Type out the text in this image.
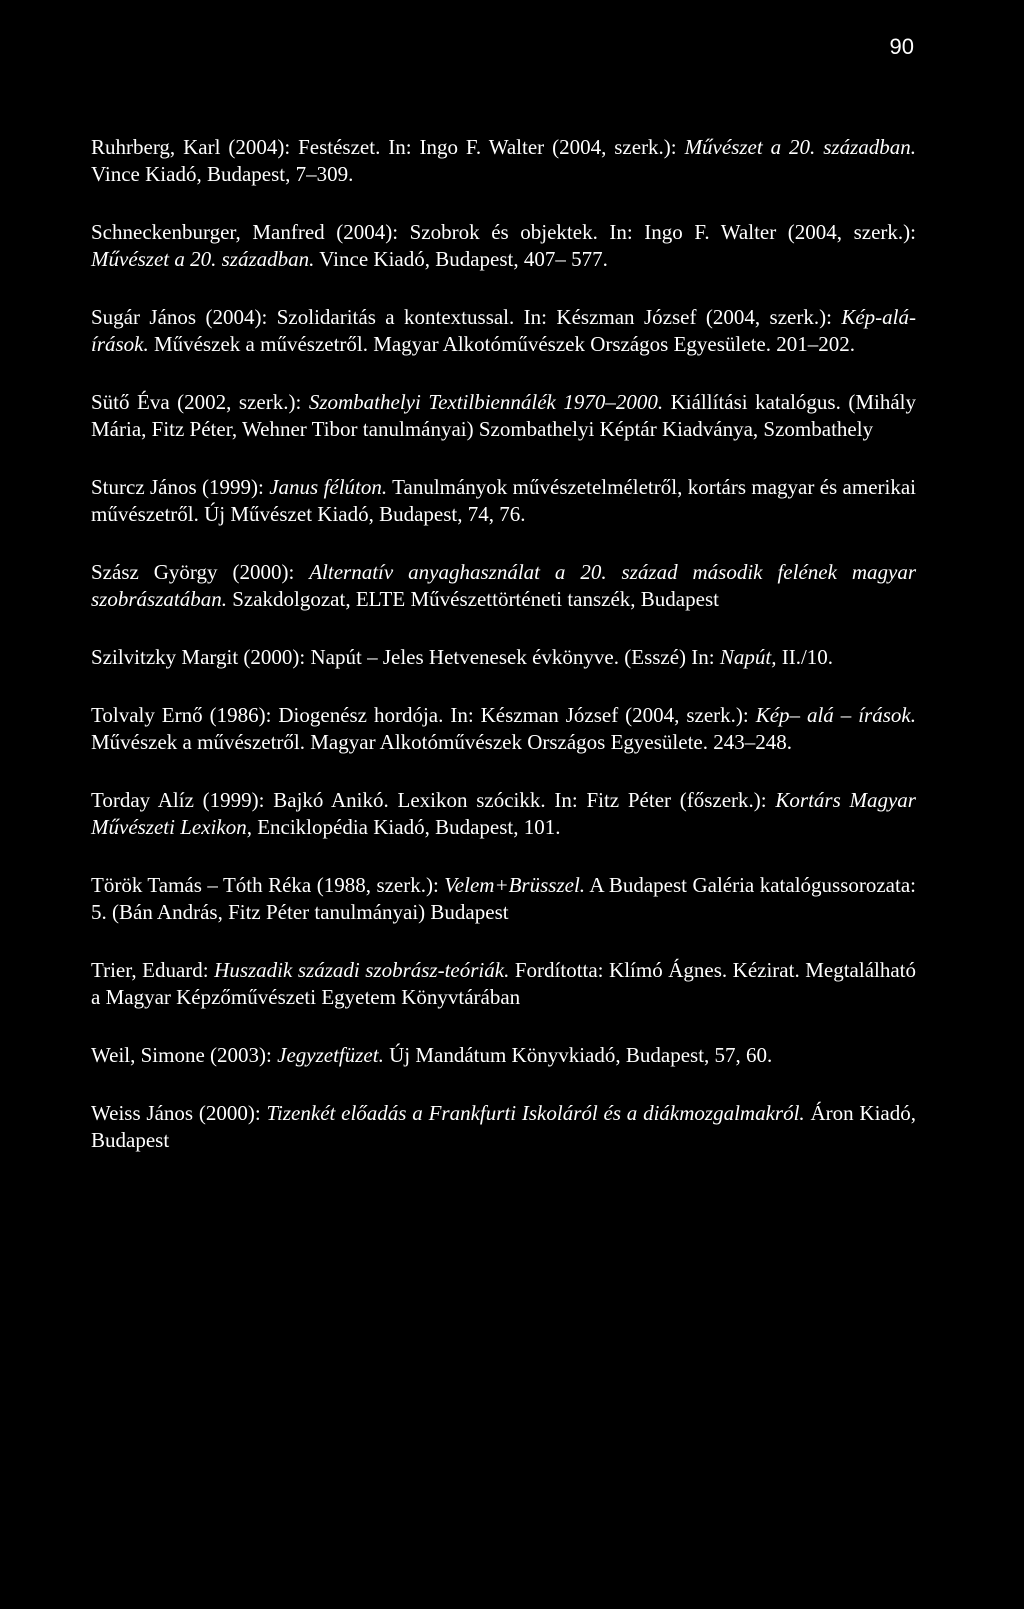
90
Ruhrberg, Karl (2004): Festészet. In: Ingo F. Walter (2004, szerk.): Művészet a 20. században. Vince Kiadó, Budapest, 7–309.
Schneckenburger, Manfred (2004): Szobrok és objektek. In: Ingo F. Walter (2004, szerk.): Művészet a 20. században. Vince Kiadó, Budapest, 407– 577.
Sugár János (2004): Szolidaritás a kontextussal. In: Készman József (2004, szerk.): Kép-alá-írások. Művészek a művészetről. Magyar Alkotóművészek Országos Egyesülete. 201–202.
Sütő Éva (2002, szerk.): Szombathelyi Textilbiennálék 1970–2000. Kiállítási katalógus. (Mihály Mária, Fitz Péter, Wehner Tibor tanulmányai) Szombathelyi Képtár Kiadványa, Szombathely
Sturcz János (1999): Janus félúton. Tanulmányok művészetelméletről, kortárs magyar és amerikai művészetről. Új Művészet Kiadó, Budapest, 74, 76.
Szász György (2000): Alternatív anyaghasználat a 20. század második felének magyar szobrászatában. Szakdolgozat, ELTE Művészettörténeti tanszék, Budapest
Szilvitzky Margit (2000): Napút – Jeles Hetvenesek évkönyve. (Esszé) In: Napút, II./10.
Tolvaly Ernő (1986): Diogenész hordója. In: Készman József (2004, szerk.): Kép– alá – írások. Művészek a művészetről. Magyar Alkotóművészek Országos Egyesülete. 243–248.
Torday Alíz (1999): Bajkó Anikó. Lexikon szócikk. In: Fitz Péter (főszerk.): Kortárs Magyar Művészeti Lexikon, Enciklopédia Kiadó, Budapest, 101.
Török Tamás – Tóth Réka (1988, szerk.): Velem+Brüsszel. A Budapest Galéria katalógussorozata: 5. (Bán András, Fitz Péter tanulmányai) Budapest
Trier, Eduard: Huszadik századi szobrász-teóriák. Fordította: Klímó Ágnes. Kézirat. Megtalálható a Magyar Képzőművészeti Egyetem Könyvtárában
Weil, Simone (2003): Jegyzetfüzet. Új Mandátum Könyvkiadó, Budapest, 57, 60.
Weiss János (2000): Tizenkét előadás a Frankfurti Iskoláról és a diákmozgalmakról. Áron Kiadó, Budapest
